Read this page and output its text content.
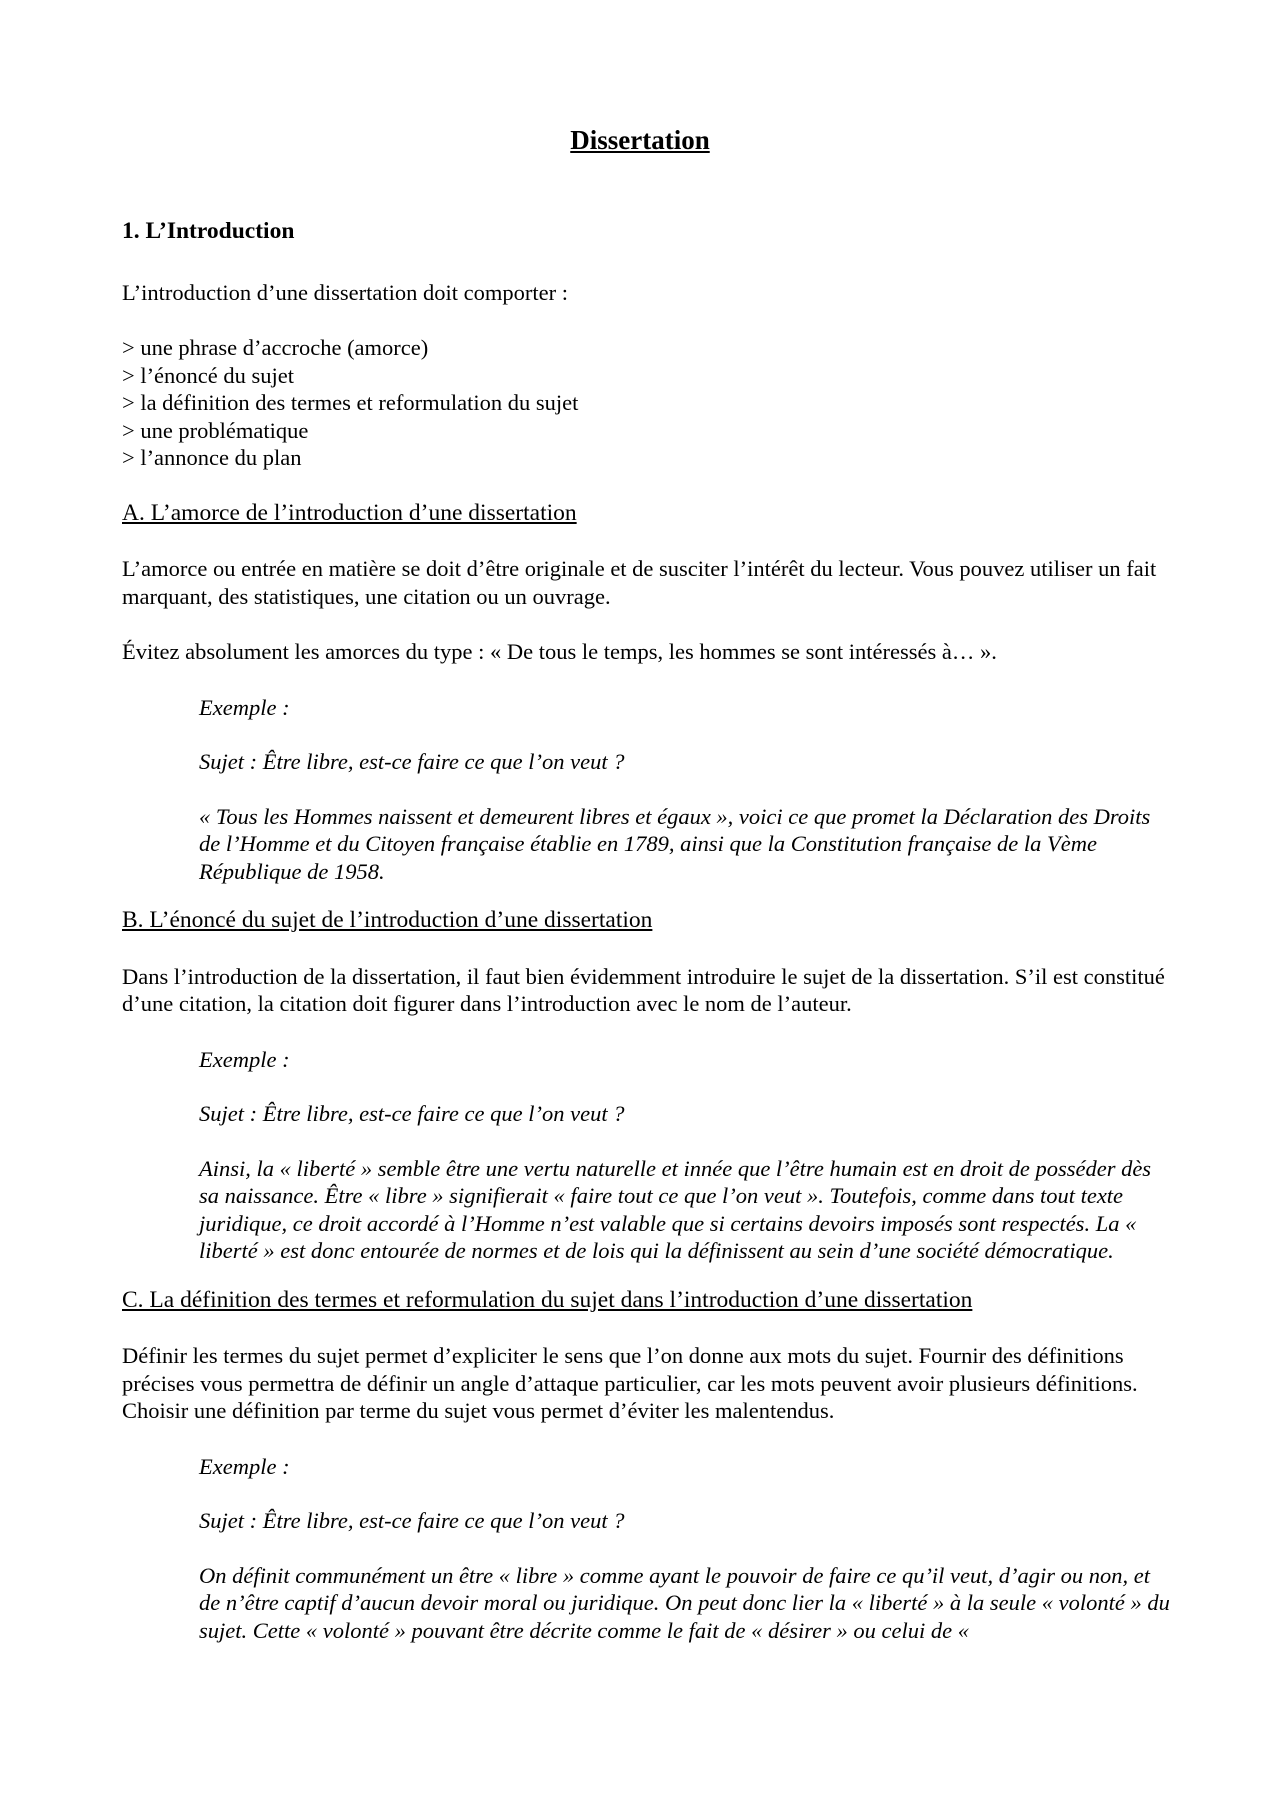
Dissertation

1. L’Introduction

L’introduction d’une dissertation doit comporter :

> une phrase d’accroche (amorce)
> l’énoncé du sujet
> la définition des termes et reformulation du sujet
> une problématique
> l’annonce du plan

A. L’amorce de l’introduction d’une dissertation

L’amorce ou entrée en matière se doit d’être originale et de susciter l’intérêt du lecteur. Vous pouvez utiliser un fait marquant, des statistiques, une citation ou un ouvrage.

Évitez absolument les amorces du type : « De tous le temps, les hommes se sont intéressés à… ».

Exemple :

Sujet : Être libre, est-ce faire ce que l’on veut ?

« Tous les Hommes naissent et demeurent libres et égaux », voici ce que promet la Déclaration des Droits de l’Homme et du Citoyen française établie en 1789, ainsi que la Constitution française de la Vème République de 1958.

B. L’énoncé du sujet de l’introduction d’une dissertation

Dans l’introduction de la dissertation, il faut bien évidemment introduire le sujet de la dissertation. S’il est constitué d’une citation, la citation doit figurer dans l’introduction avec le nom de l’auteur.

Exemple :

Sujet : Être libre, est-ce faire ce que l’on veut ?

Ainsi, la « liberté » semble être une vertu naturelle et innée que l’être humain est en droit de posséder dès sa naissance. Être « libre » signifierait « faire tout ce que l’on veut ». Toutefois, comme dans tout texte juridique, ce droit accordé à l’Homme n’est valable que si certains devoirs imposés sont respectés. La « liberté » est donc entourée de normes et de lois qui la définissent au sein d’une société démocratique.

C. La définition des termes et reformulation du sujet dans l’introduction d’une dissertation

Définir les termes du sujet permet d’expliciter le sens que l’on donne aux mots du sujet. Fournir des définitions précises vous permettra de définir un angle d’attaque particulier, car les mots peuvent avoir plusieurs définitions. Choisir une définition par terme du sujet vous permet d’éviter les malentendus.

Exemple :

Sujet : Être libre, est-ce faire ce que l’on veut ?

On définit communément un être « libre » comme ayant le pouvoir de faire ce qu’il veut, d’agir ou non, et de n’être captif d’aucun devoir moral ou juridique. On peut donc lier la « liberté » à la seule « volonté » du sujet. Cette « volonté » pouvant être décrite comme le fait de « désirer » ou celui de «
